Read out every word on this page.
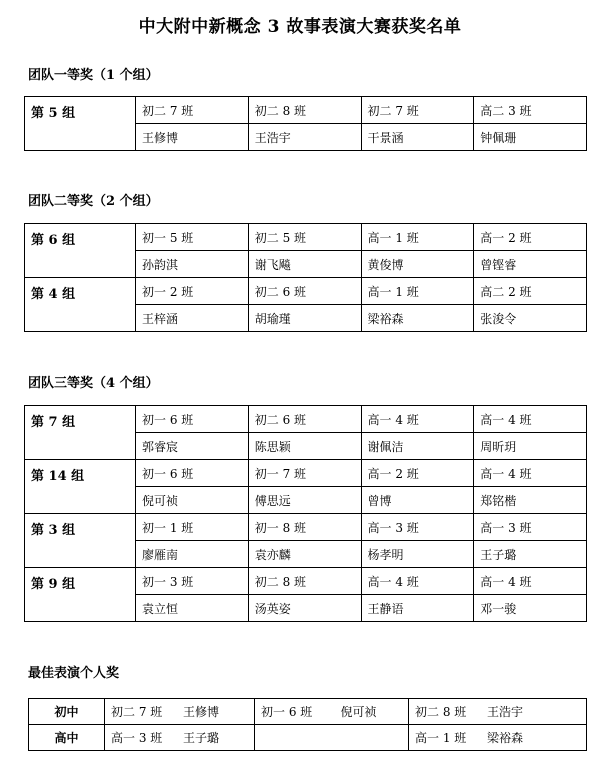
中大附中新概念 3 故事表演大赛获奖名单
团队一等奖（1 个组）
第 5 组	初二 7 班	初二 8 班	初二 7 班	高二 3 班
	王修博	王浩宇	干景涵	钟佩珊
团队二等奖（2 个组）
第 6 组	初一 5 班	初二 5 班	高一 1 班	高一 2 班
	孙韵淇	谢飞飚	黄俊博	曾铿睿
第 4 组	初一 2 班	初二 6 班	高一 1 班	高二 2 班
	王梓涵	胡瑜瑾	梁裕森	张浚令
团队三等奖（4 个组）
第 7 组	初一 6 班	初二 6 班	高一 4 班	高一 4 班
	郭睿宸	陈思颖	谢佩洁	周昕玥
第 14 组	初一 6 班	初一 7 班	高一 2 班	高一 4 班
	倪可祯	傅思远	曾博	郑铭楷
第 3 组	初一 1 班	初一 8 班	高一 3 班	高一 3 班
	廖雁南	袁亦麟	杨孝明	王子璐
第 9 组	初一 3 班	初二 8 班	高一 4 班	高一 4 班
	袁立恒	汤英姿	王静语	邓一骏
最佳表演个人奖
初中	初二 7 班 王修博	初一 6 班	倪可祯	初二 8 班 王浩宇
高中	高一 3 班 王子璐			高一 1 班 梁裕森
